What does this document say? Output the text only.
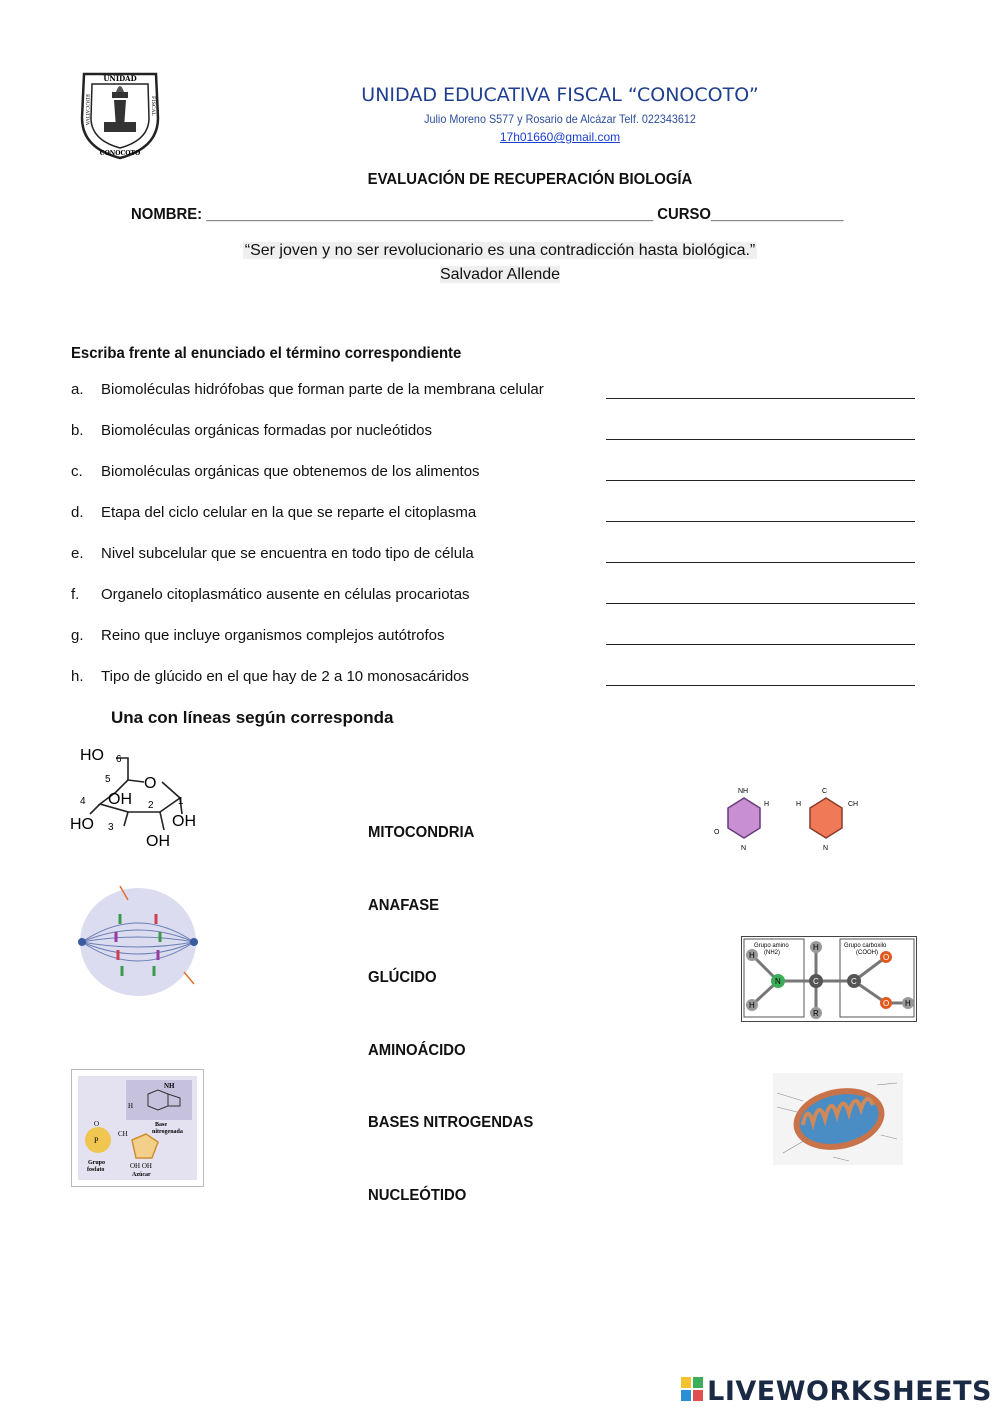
UNIDAD
CONOCOTO
EDUCATIVA	FISCAL	UNIDAD EDUCATIVA FISCAL “CONOCOTO”
Julio Moreno S577 y Rosario de Alcázar Telf. 022343612
17h01660@gmail.com
EVALUACIÓN DE RECUPERACIÓN BIOLOGÍA
NOMBRE: ______________________________________________________ CURSO________________
“Ser joven y no ser revolucionario es una contradicción hasta biológica.”
Salvador Allende
Escriba frente al enunciado el término correspondiente
a. Biomoléculas hidrófobas que forman parte de la membrana celular
b. Biomoléculas orgánicas formadas por nucleótidos
c. Biomoléculas orgánicas que obtenemos de los alimentos
d. Etapa del ciclo celular en la que se reparte el citoplasma
e. Nivel subcelular que se encuentra en todo tipo de célula
f. Organelo citoplasmático ausente en células procariotas
g. Reino que incluye organismos complejos autótrofos
h. Tipo de glúcido en el que hay de 2 a 10 monosacáridos
Una con líneas según corresponda
MITOCONDRIA
ANAFASE
GLÚCIDO
AMINOÁCIDO
BASES NITROGENDAS
NUCLEÓTIDO
HO 6
5 O
OH
4	1
2
HO 3	OH
OH
NH
H
Base
nitrogenada
P
O
CH
Grupo
fosfato	OH OH
Azúcar
NH
H
N
O
C
CH
H
N
Grupo amino
(NH2)
Grupo carboxilo
(COOH)
H
H
N	C
H
R
C
O
O H
LIVEWORKSHEETS
